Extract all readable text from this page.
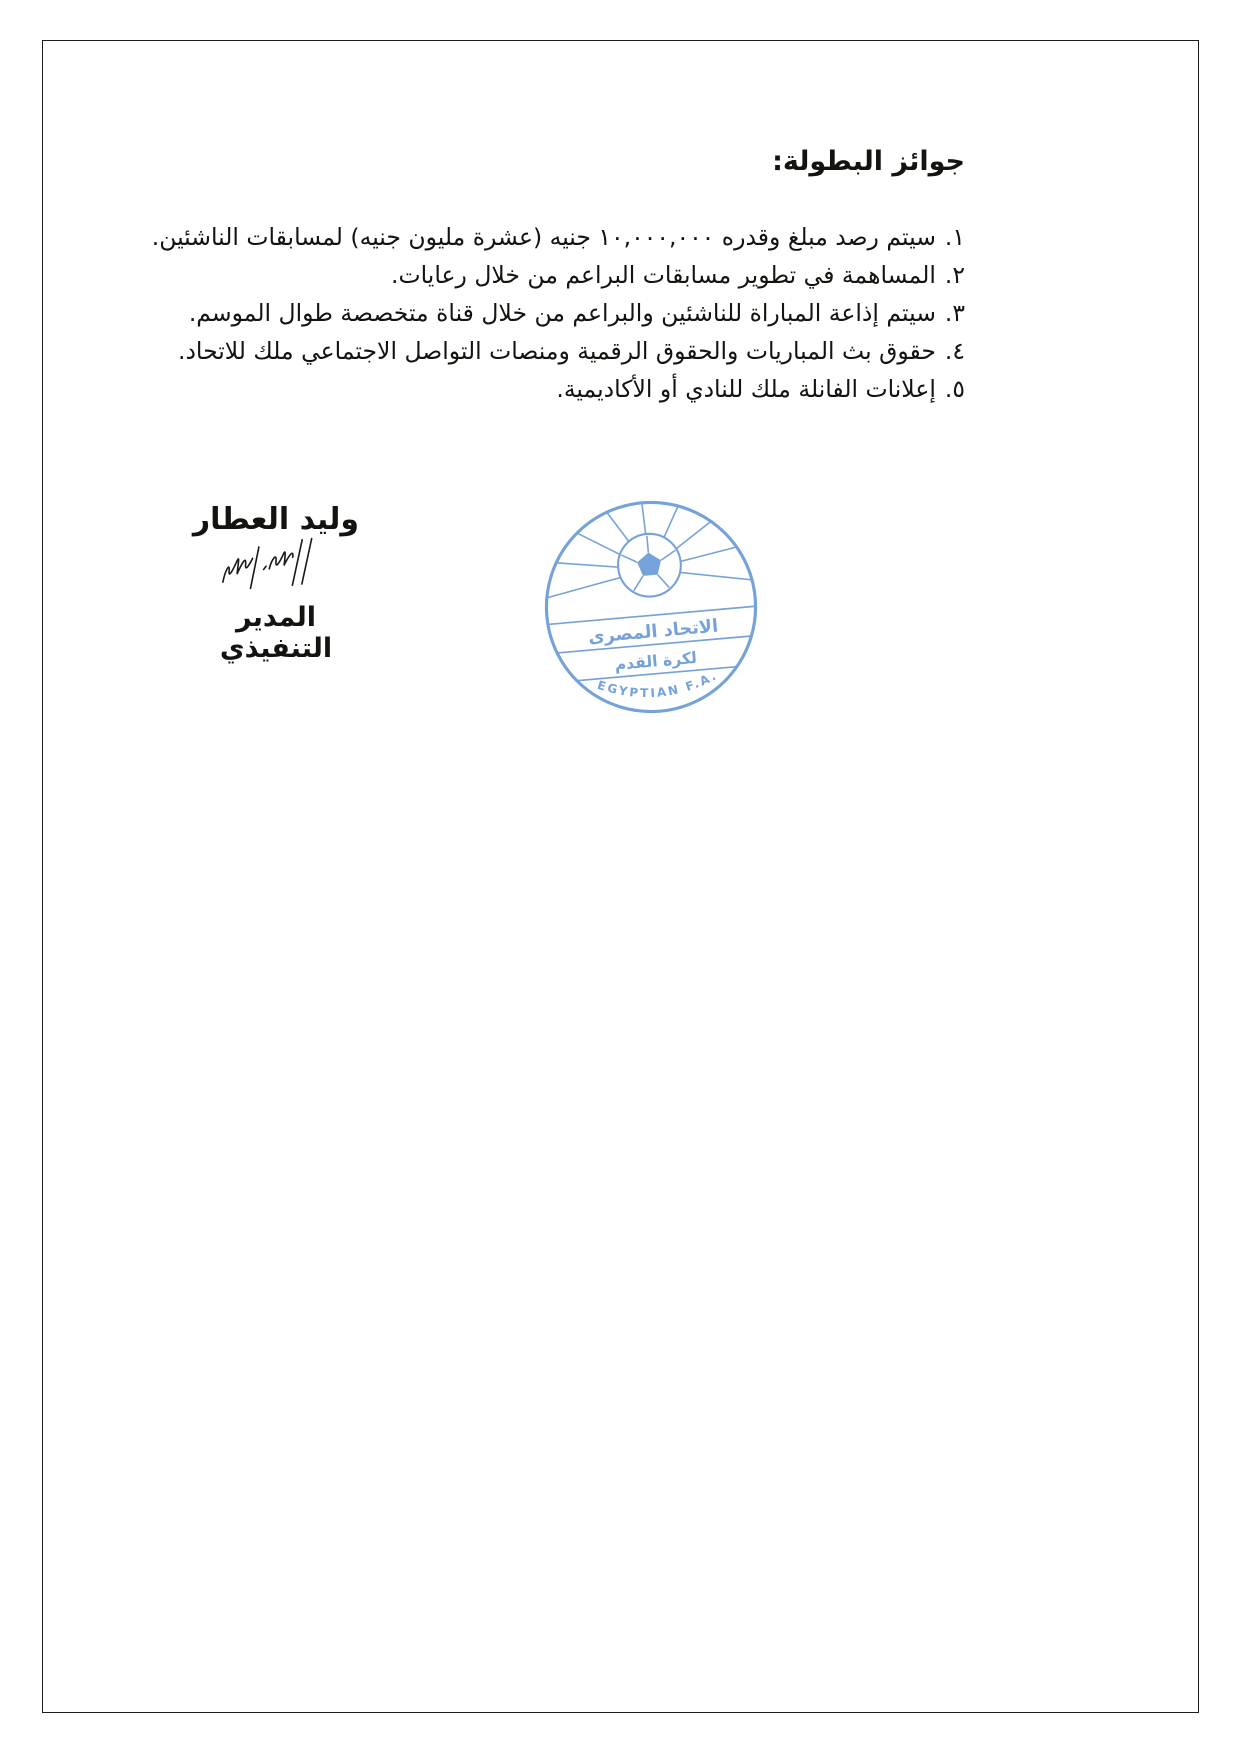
جوائز البطولة:
١.
سيتم رصد مبلغ وقدره ١٠,٠٠٠,٠٠٠ جنيه (عشرة مليون جنيه) لمسابقات الناشئين.
٢.
المساهمة في تطوير مسابقات البراعم من خلال رعايات.
٣.
سيتم إذاعة المباراة للناشئين والبراعم من خلال قناة متخصصة طوال الموسم.
٤.
حقوق بث المباريات والحقوق الرقمية ومنصات التواصل الاجتماعي ملك للاتحاد.
٥.
إعلانات الفانلة ملك للنادي أو الأكاديمية.
وليد العطار
المدير التنفيذي
الاتحاد المصرى
لكرة القدم
EGYPTIAN F.A.
